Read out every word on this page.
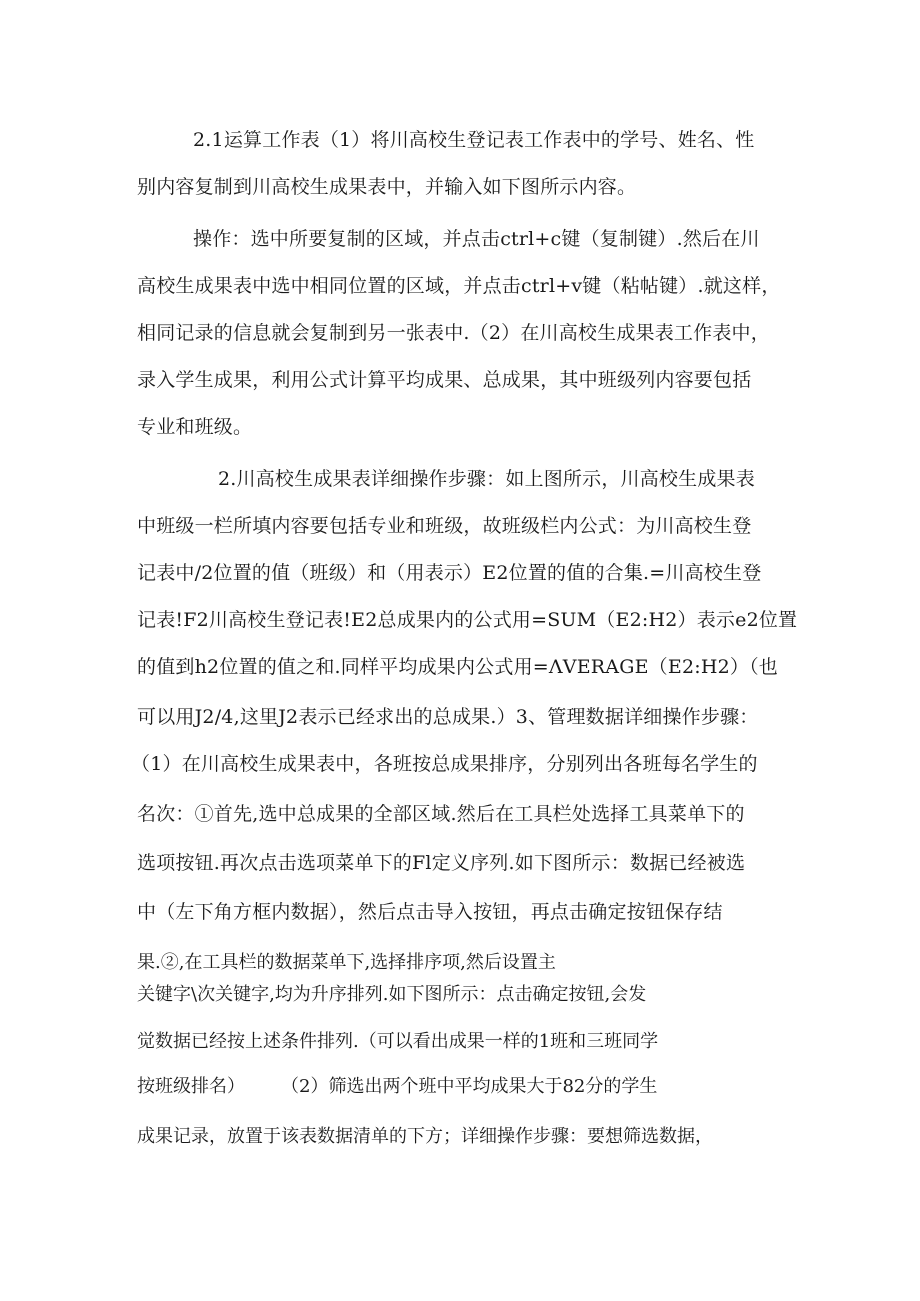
2.1运算工作表（1）将川高校生登记表工作表中的学号、姓名、性
别内容复制到川高校生成果表中，并输入如下图所示内容。
操作：选中所要复制的区域，并点击ctrl+c键（复制键）.然后在川
高校生成果表中选中相同位置的区域，并点击ctrl+v键（粘帖键）.就这样，
相同记录的信息就会复制到另一张表中.（2）在川高校生成果表工作表中，
录入学生成果，利用公式计算平均成果、总成果，其中班级列内容要包括
专业和班级。
2.川高校生成果表详细操作步骤：如上图所示，川高校生成果表
中班级一栏所填内容要包括专业和班级，故班级栏内公式：为川高校生登
记表中/2位置的值（班级）和（用表示）E2位置的值的合集.=川高校生登
记表!F2川高校生登记表!E2总成果内的公式用=SUM（E2:H2）表示e2位置
的值到h2位置的值之和.同样平均成果内公式用=ΛVERAGE（E2:H2）（也
可以用J2/4,这里J2表示已经求出的总成果.）3、管理数据详细操作步骤：
（1）在川高校生成果表中，各班按总成果排序，分别列出各班每名学生的
名次：①首先,选中总成果的全部区域.然后在工具栏处选择工具菜单下的
选项按钮.再次点击选项菜单下的Fl定义序列.如下图所示：数据已经被选
中（左下角方框内数据），然后点击导入按钮，再点击确定按钮保存结
果.②,在工具栏的数据菜单下,选择排序项,然后设置主
关键字\次关键字,均为升序排列.如下图所示：点击确定按钮,会发
觉数据已经按上述条件排列.（可以看出成果一样的1班和三班同学
按班级排名）　　　（2）筛选出两个班中平均成果大于82分的学生
成果记录，放置于该表数据清单的下方；详细操作步骤：要想筛选数据，
